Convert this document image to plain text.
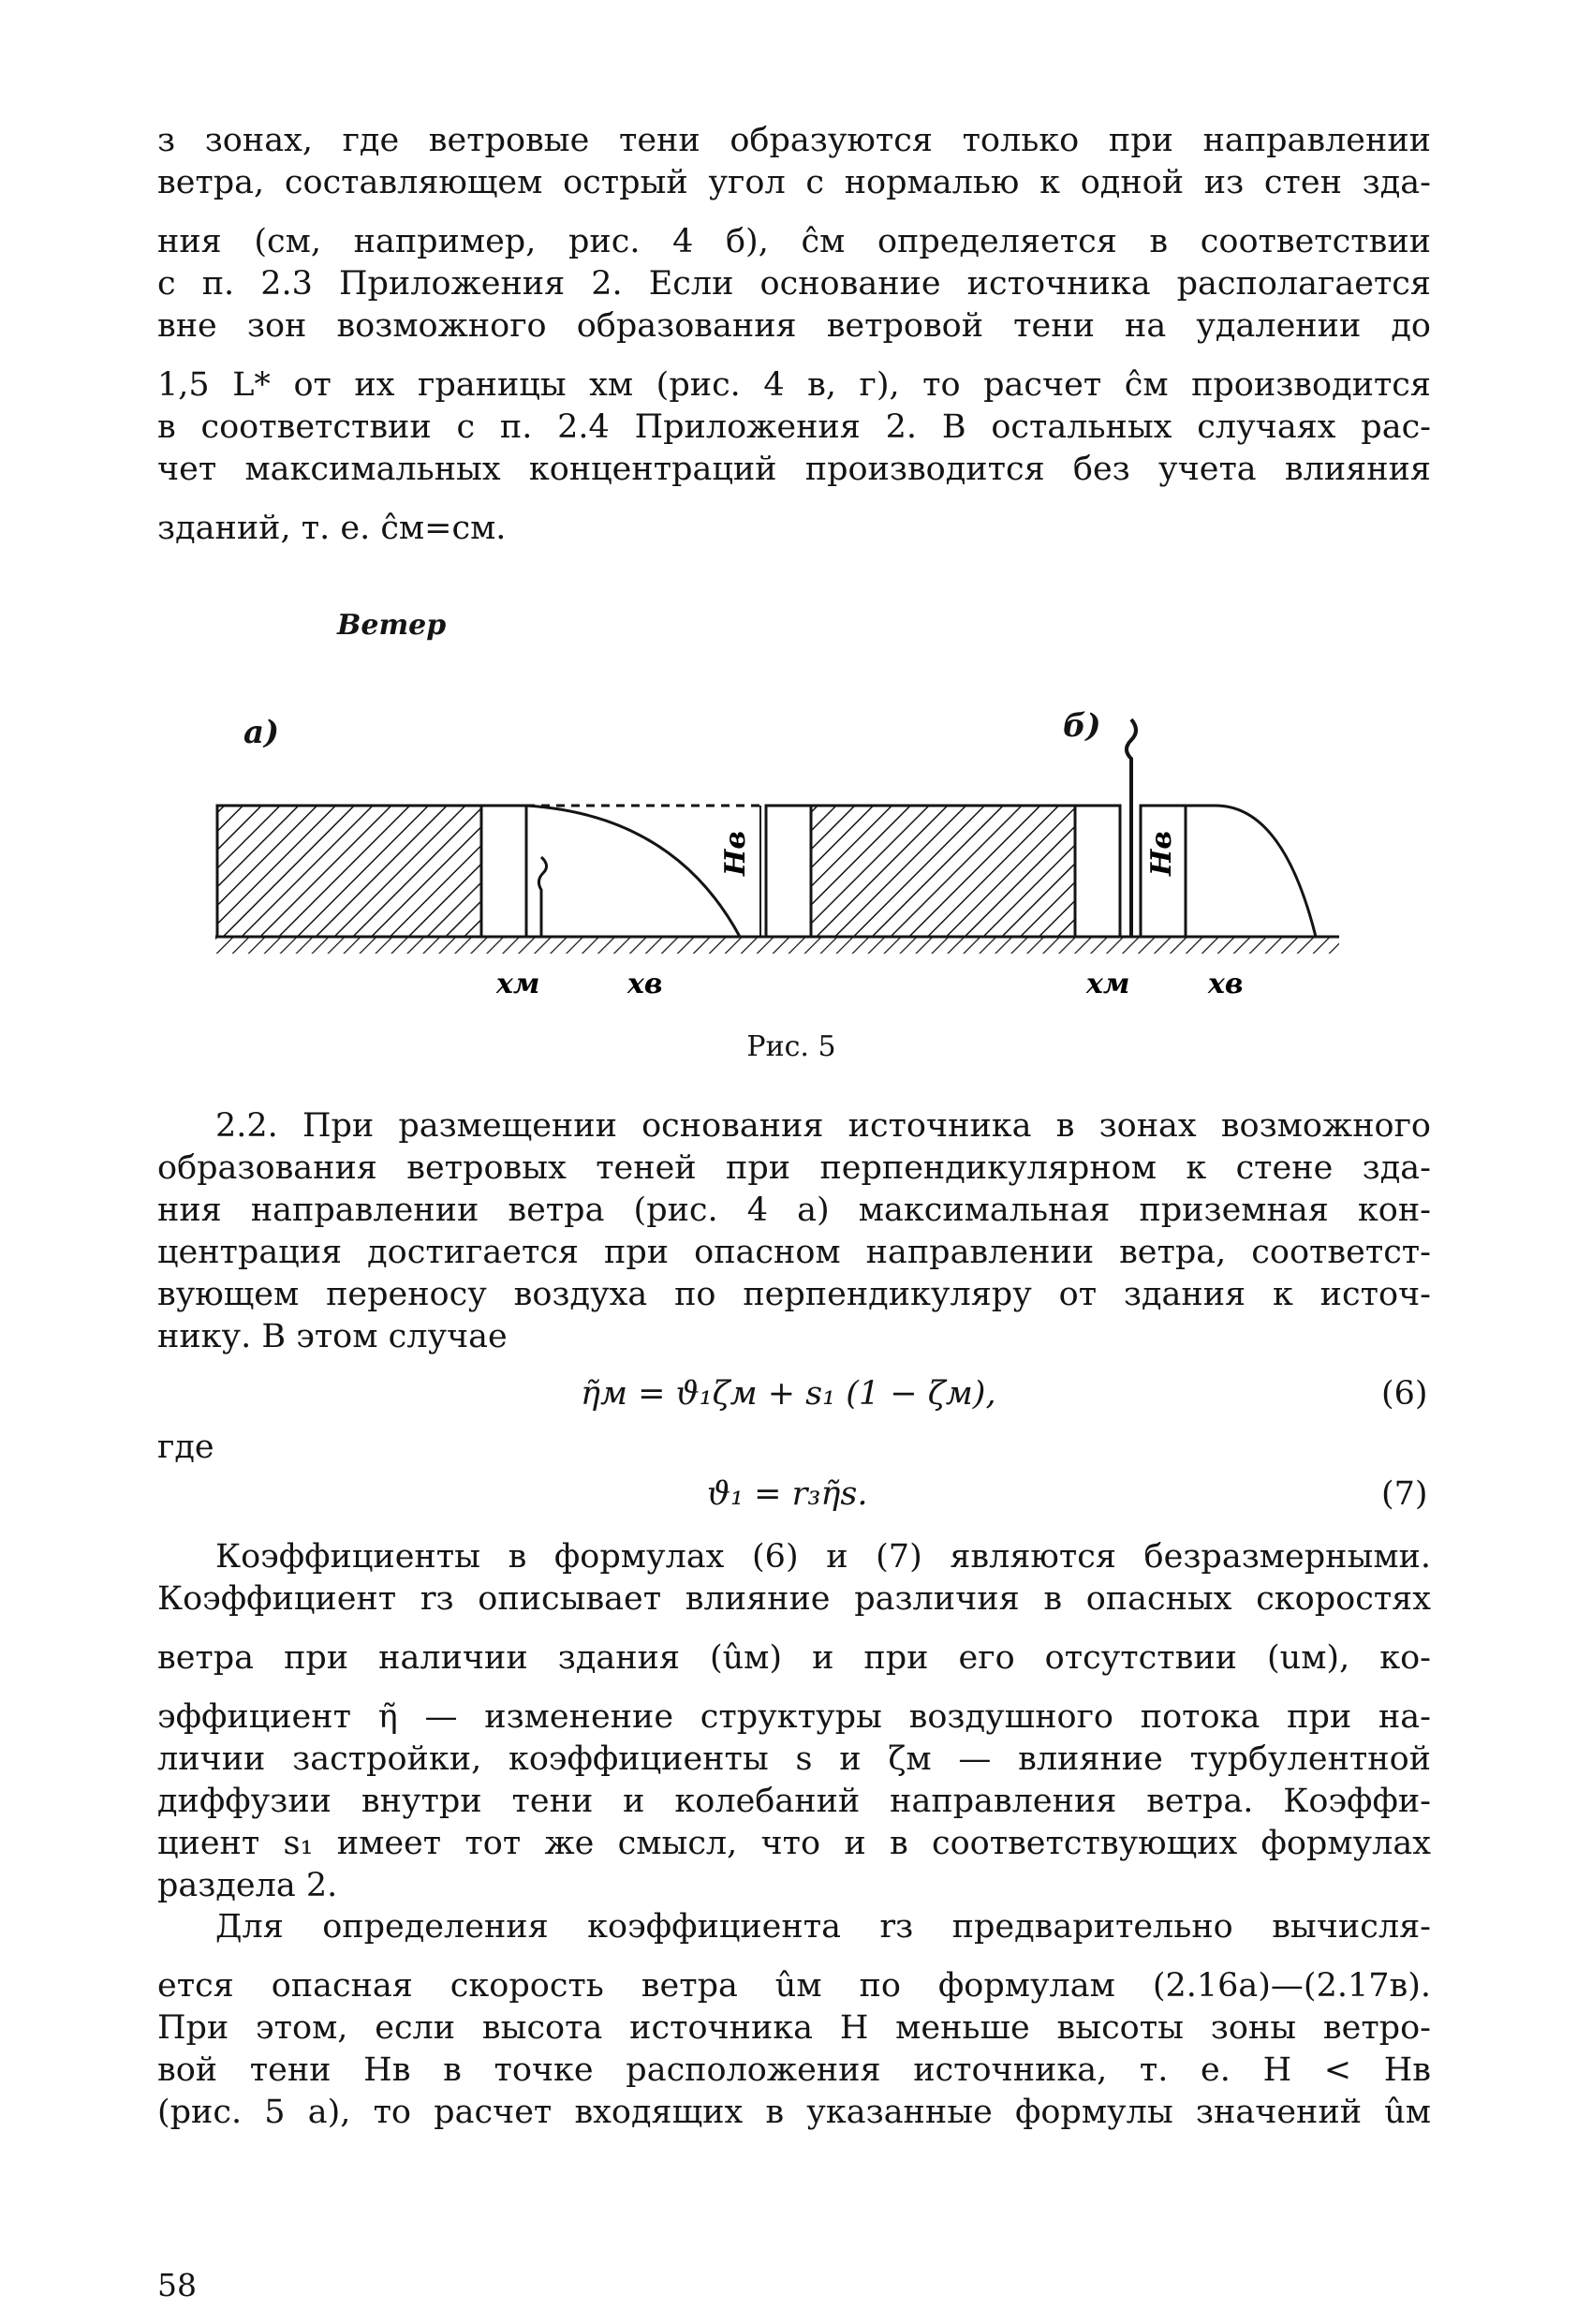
з зонах, где ветровые тени образуются только при направлении
ветра, составляющем острый угол с нормалью к одной из стен зда-
ния (см, например, рис. 4 б), ĉм определяется в соответствии
с п. 2.3 Приложения 2. Если основание источника располагается
вне зон возможного образования ветровой тени на удалении до
1,5 L* от их границы xм (рис. 4 в, г), то расчет ĉм производится
в соответствии с п. 2.4 Приложения 2. В остальных случаях рас-
чет максимальных концентраций производится без учета влияния
зданий, т. е. ĉм=cм.
Ветер
а)	б)
Hв	Hв
xм	xв	xм	xв
Рис. 5
2.2. При размещении основания источника в зонах возможного
образования ветровых теней при перпендикулярном к стене зда-
ния направлении ветра (рис. 4 а) максимальная приземная кон-
центрация достигается при опасном направлении ветра, соответст-
вующем переносу воздуха по перпендикуляру от здания к источ-
нику. В этом случае
η̃м = ϑ₁ζм + s₁ (1 − ζм),	(6)
где
ϑ₁ = r₃η̃s.	(7)
Коэффициенты в формулах (6) и (7) являются безразмерными.
Коэффициент rз описывает влияние различия в опасных скоростях
ветра при наличии здания (ûм) и при его отсутствии (uм), ко-
эффициент η̃ — изменение структуры воздушного потока при на-
личии застройки, коэффициенты s и ζм — влияние турбулентной
диффузии внутри тени и колебаний направления ветра. Коэффи-
циент s₁ имеет тот же смысл, что и в соответствующих формулах
раздела 2.
Для определения коэффициента rз предварительно вычисля-
ется опасная скорость ветра ûм по формулам (2.16а)—(2.17в).
При этом, если высота источника H меньше высоты зоны ветро-
вой тени Hв в точке расположения источника, т. е. H < Hв
(рис. 5 а), то расчет входящих в указанные формулы значений ûм
58
